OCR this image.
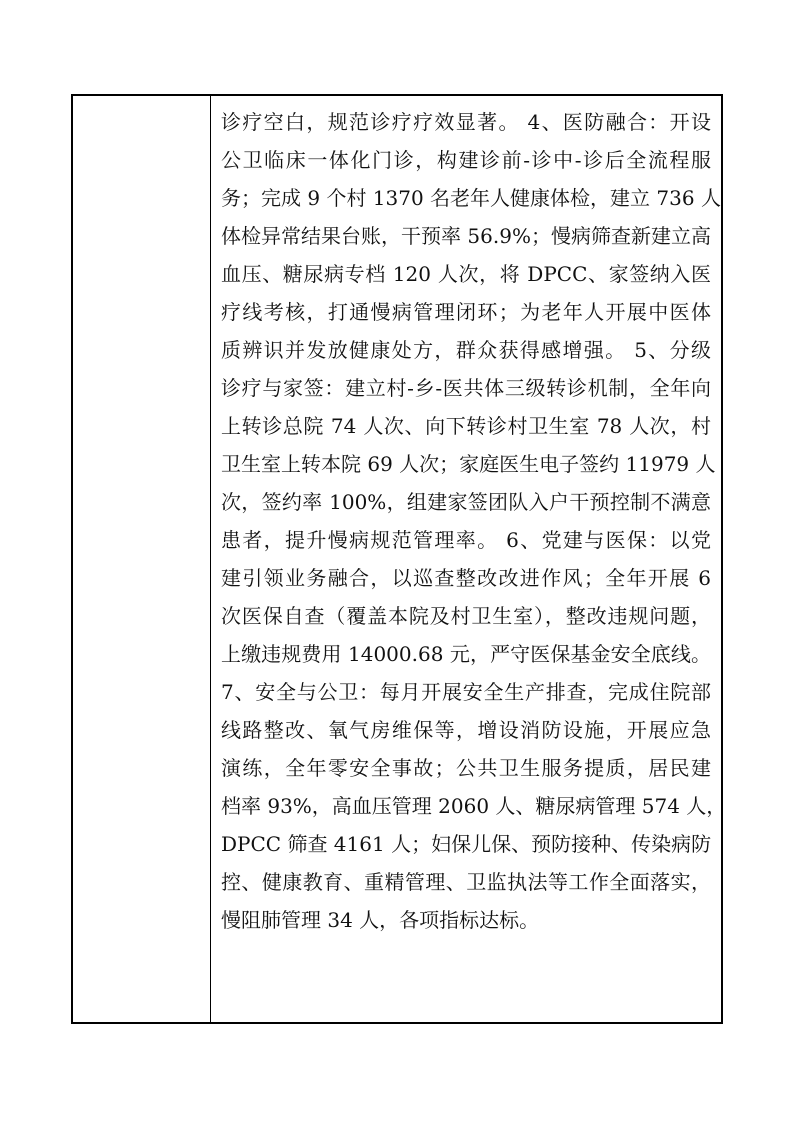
诊疗空白，规范诊疗疗效显著。 4、医防融合：开设
公卫临床一体化门诊，构建诊前-诊中-诊后全流程服
务；完成 9 个村 1370 名老年人健康体检，建立 736 人
体检异常结果台账，干预率 56.9%；慢病筛查新建立高
血压、糖尿病专档 120 人次，将 DPCC、家签纳入医
疗线考核，打通慢病管理闭环；为老年人开展中医体
质辨识并发放健康处方，群众获得感增强。 5、分级
诊疗与家签：建立村-乡-医共体三级转诊机制，全年向
上转诊总院 74 人次、向下转诊村卫生室 78 人次，村
卫生室上转本院 69 人次；家庭医生电子签约 11979 人
次，签约率 100%，组建家签团队入户干预控制不满意
患者，提升慢病规范管理率。 6、党建与医保：以党
建引领业务融合，以巡查整改改进作风；全年开展 6
次医保自查（覆盖本院及村卫生室），整改违规问题，
上缴违规费用 14000.68 元，严守医保基金安全底线。
7、安全与公卫：每月开展安全生产排查，完成住院部
线路整改、氧气房维保等，增设消防设施，开展应急
演练，全年零安全事故；公共卫生服务提质，居民建
档率 93%，高血压管理 2060 人、糖尿病管理 574 人，
DPCC 筛查 4161 人；妇保儿保、预防接种、传染病防
控、健康教育、重精管理、卫监执法等工作全面落实，
慢阻肺管理 34 人，各项指标达标。
